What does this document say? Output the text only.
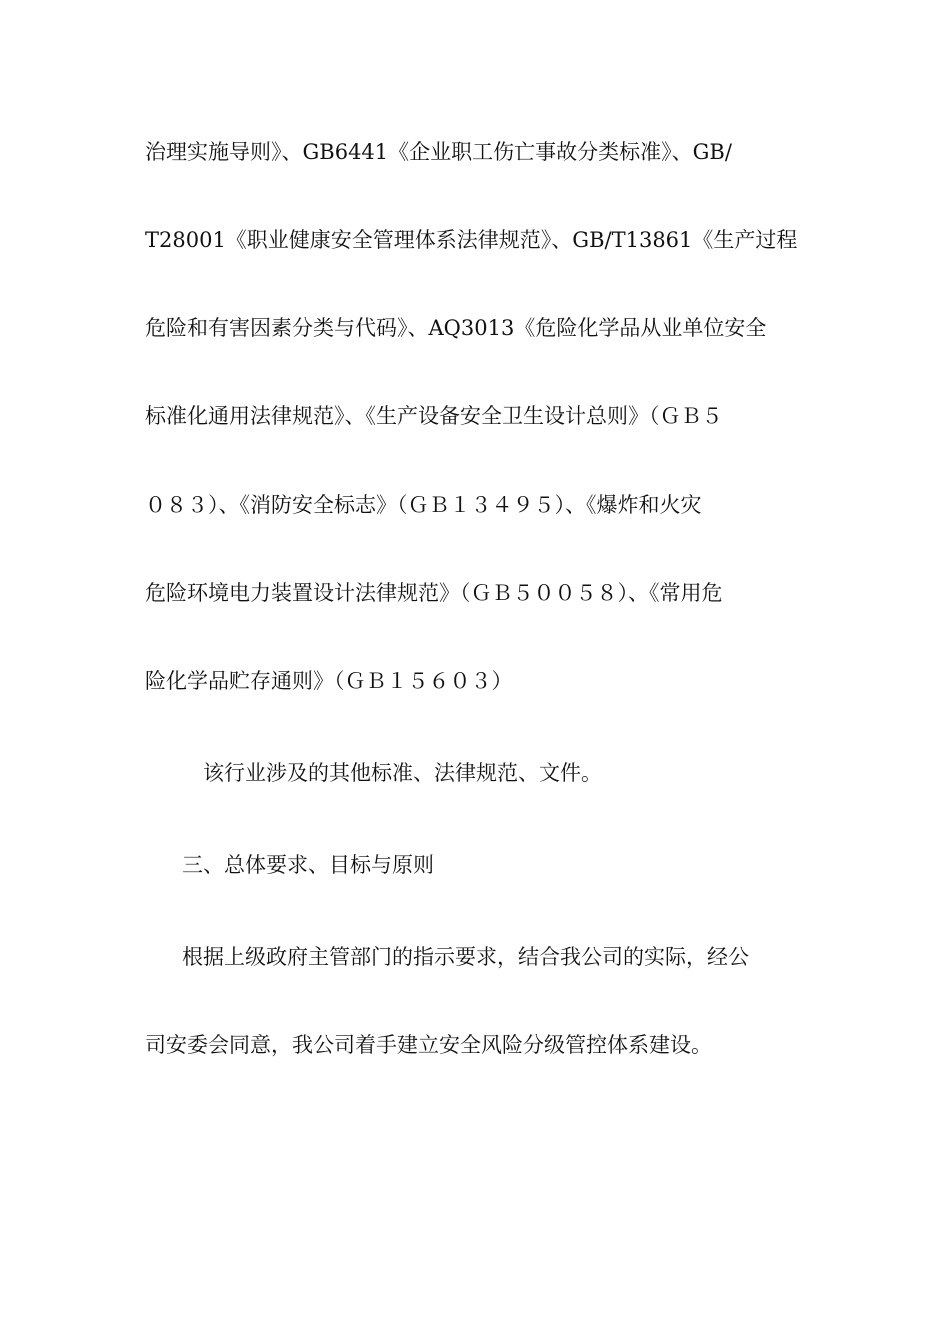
治理实施导则》、GB6441《企业职工伤亡事故分类标准》、GB/
T28001《职业健康安全管理体系法律规范》、GB/T13861《生产过程
危险和有害因素分类与代码》、AQ3013《危险化学品从业单位安全
标准化通用法律规范》、《生产设备安全卫生设计总则》（ＧＢ５
０８３）、《消防安全标志》（ＧＢ１３４９５）、《爆炸和火灾
危险环境电力装置设计法律规范》（ＧＢ５００５８）、《常用危
险化学品贮存通则》（ＧＢ１５６０３）
该行业涉及的其他标准、法律规范、文件。
三、总体要求、目标与原则
根据上级政府主管部门的指示要求，结合我公司的实际，经公
司安委会同意，我公司着手建立安全风险分级管控体系建设。
